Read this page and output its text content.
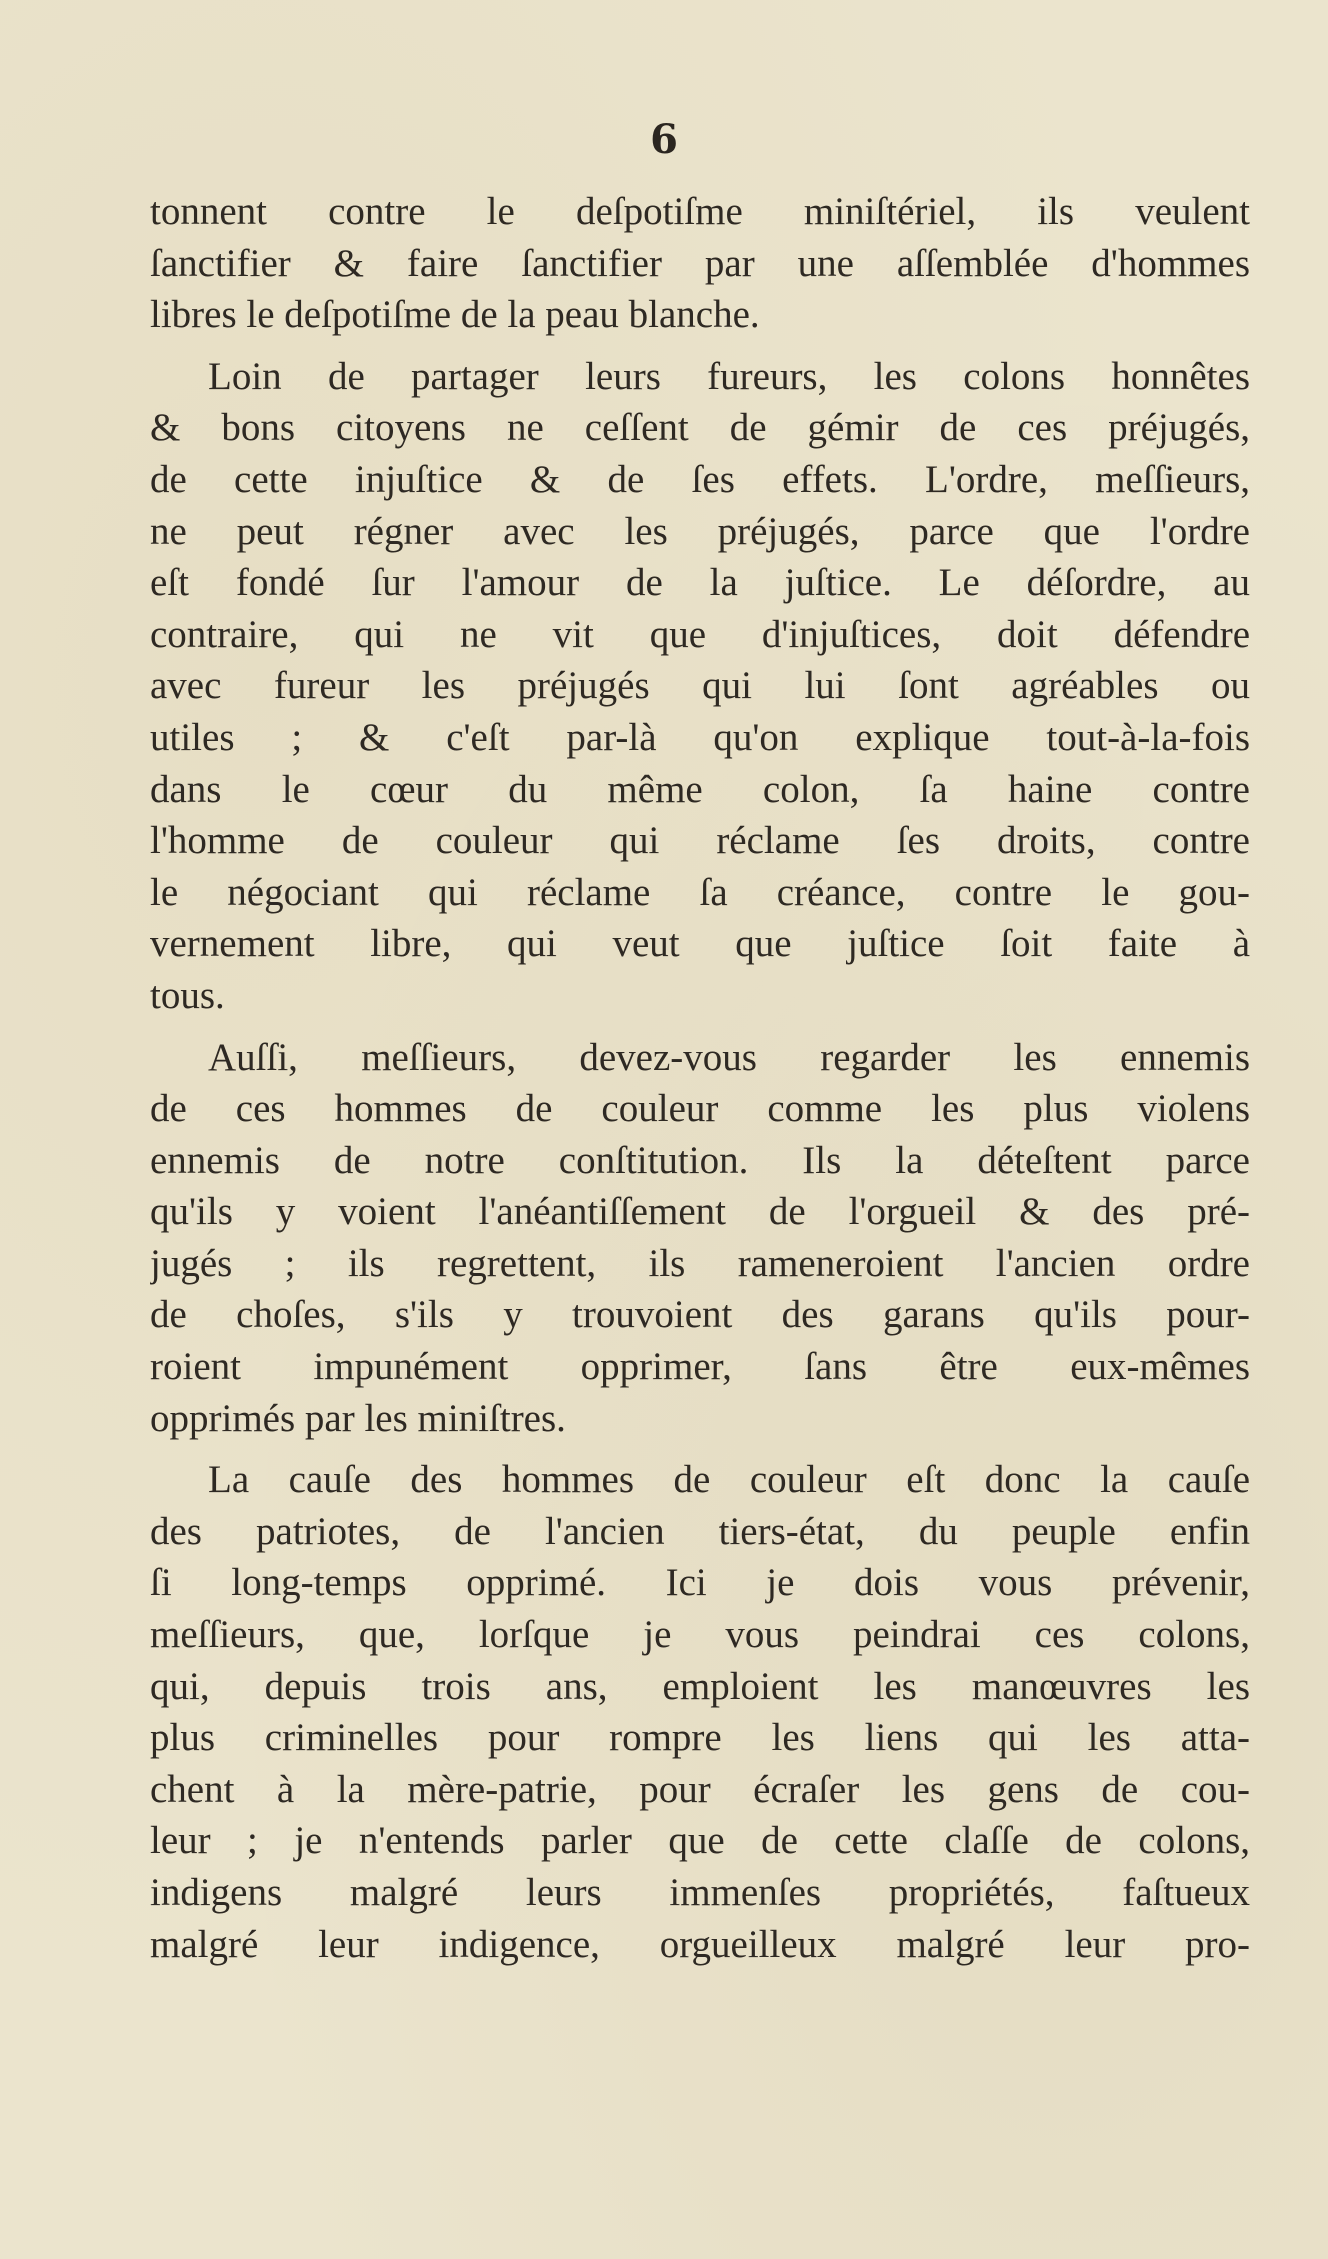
6
tonnent contre le deſpotiſme miniſtériel, ils veulent
ſanctifier & faire ſanctifier par une aſſemblée d'hommes
libres le deſpotiſme de la peau blanche.
Loin de partager leurs fureurs, les colons honnêtes
& bons citoyens ne ceſſent de gémir de ces préjugés,
de cette injuſtice & de ſes effets. L'ordre, meſſieurs,
ne peut régner avec les préjugés, parce que l'ordre
eſt fondé ſur l'amour de la juſtice. Le déſordre, au
contraire, qui ne vit que d'injuſtices, doit défendre
avec fureur les préjugés qui lui ſont agréables ou
utiles ; & c'eſt par-là qu'on explique tout-à-la-fois
dans le cœur du même colon, ſa haine contre
l'homme de couleur qui réclame ſes droits, contre
le négociant qui réclame ſa créance, contre le gou-
vernement libre, qui veut que juſtice ſoit faite à
tous.
Auſſi, meſſieurs, devez-vous regarder les ennemis
de ces hommes de couleur comme les plus violens
ennemis de notre conſtitution. Ils la déteſtent parce
qu'ils y voient l'anéantiſſement de l'orgueil & des pré-
jugés ; ils regrettent, ils rameneroient l'ancien ordre
de choſes, s'ils y trouvoient des garans qu'ils pour-
roient impunément opprimer, ſans être eux-mêmes
opprimés par les miniſtres.
La cauſe des hommes de couleur eſt donc la cauſe
des patriotes, de l'ancien tiers-état, du peuple enfin
ſi long-temps opprimé. Ici je dois vous prévenir,
meſſieurs, que, lorſque je vous peindrai ces colons,
qui, depuis trois ans, emploient les manœuvres les
plus criminelles pour rompre les liens qui les atta-
chent à la mère-patrie, pour écraſer les gens de cou-
leur ; je n'entends parler que de cette claſſe de colons,
indigens malgré leurs immenſes propriétés, faſtueux
malgré leur indigence, orgueilleux malgré leur pro-
